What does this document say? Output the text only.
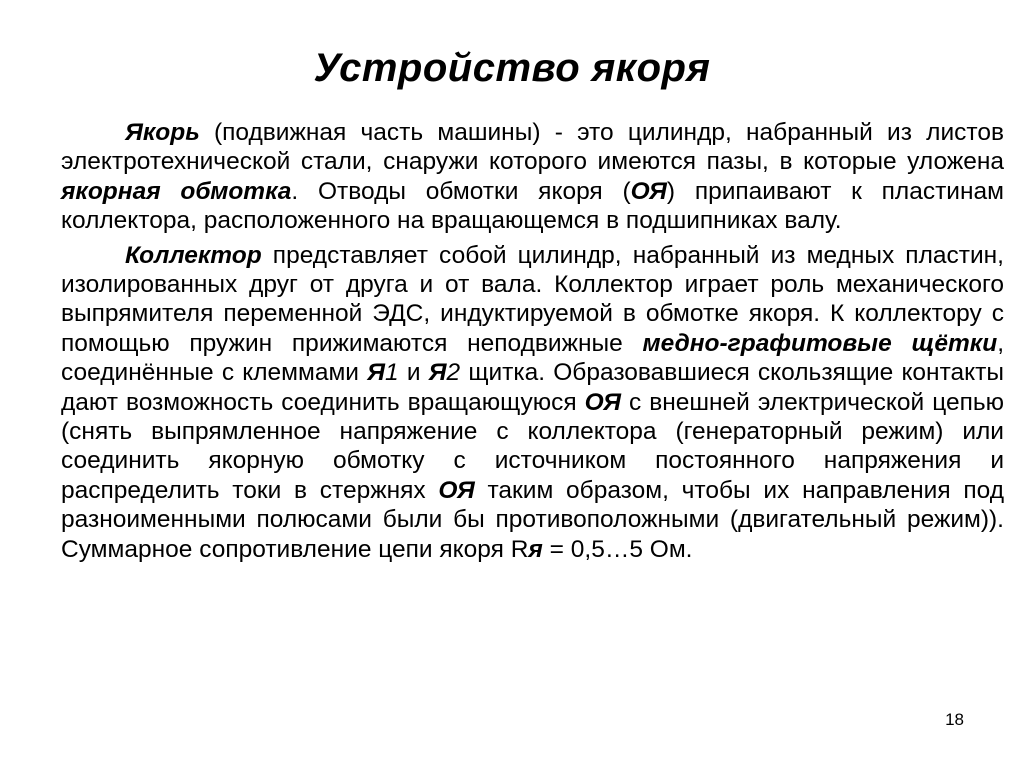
Устройство якоря

Якорь (подвижная часть машины) - это цилиндр, набранный из листов электротехнической стали, снаружи которого имеются пазы, в которые уложена якорная обмотка. Отводы обмотки якоря (ОЯ) припаивают к пластинам коллектора, расположенного на вращающемся в подшипниках валу.

Коллектор представляет собой цилиндр, набранный из медных пластин, изолированных друг от друга и от вала. Коллектор играет роль механического выпрямителя переменной ЭДС, индуктируемой в обмотке якоря. К коллектору с помощью пружин прижимаются неподвижные медно-графитовые щётки, соединённые с клеммами Я1 и Я2 щитка. Образовавшиеся скользящие контакты дают возможность соединить вращающуюся ОЯ с внешней электрической цепью (снять выпрямленное напряжение с коллектора (генераторный режим) или соединить якорную обмотку с источником постоянного напряжения и распределить токи в стержнях ОЯ таким образом, чтобы их направления под разноименными полюсами были бы противоположными (двигательный режим)). Суммарное сопротивление цепи якоря Rя = 0,5…5 Ом.

18
